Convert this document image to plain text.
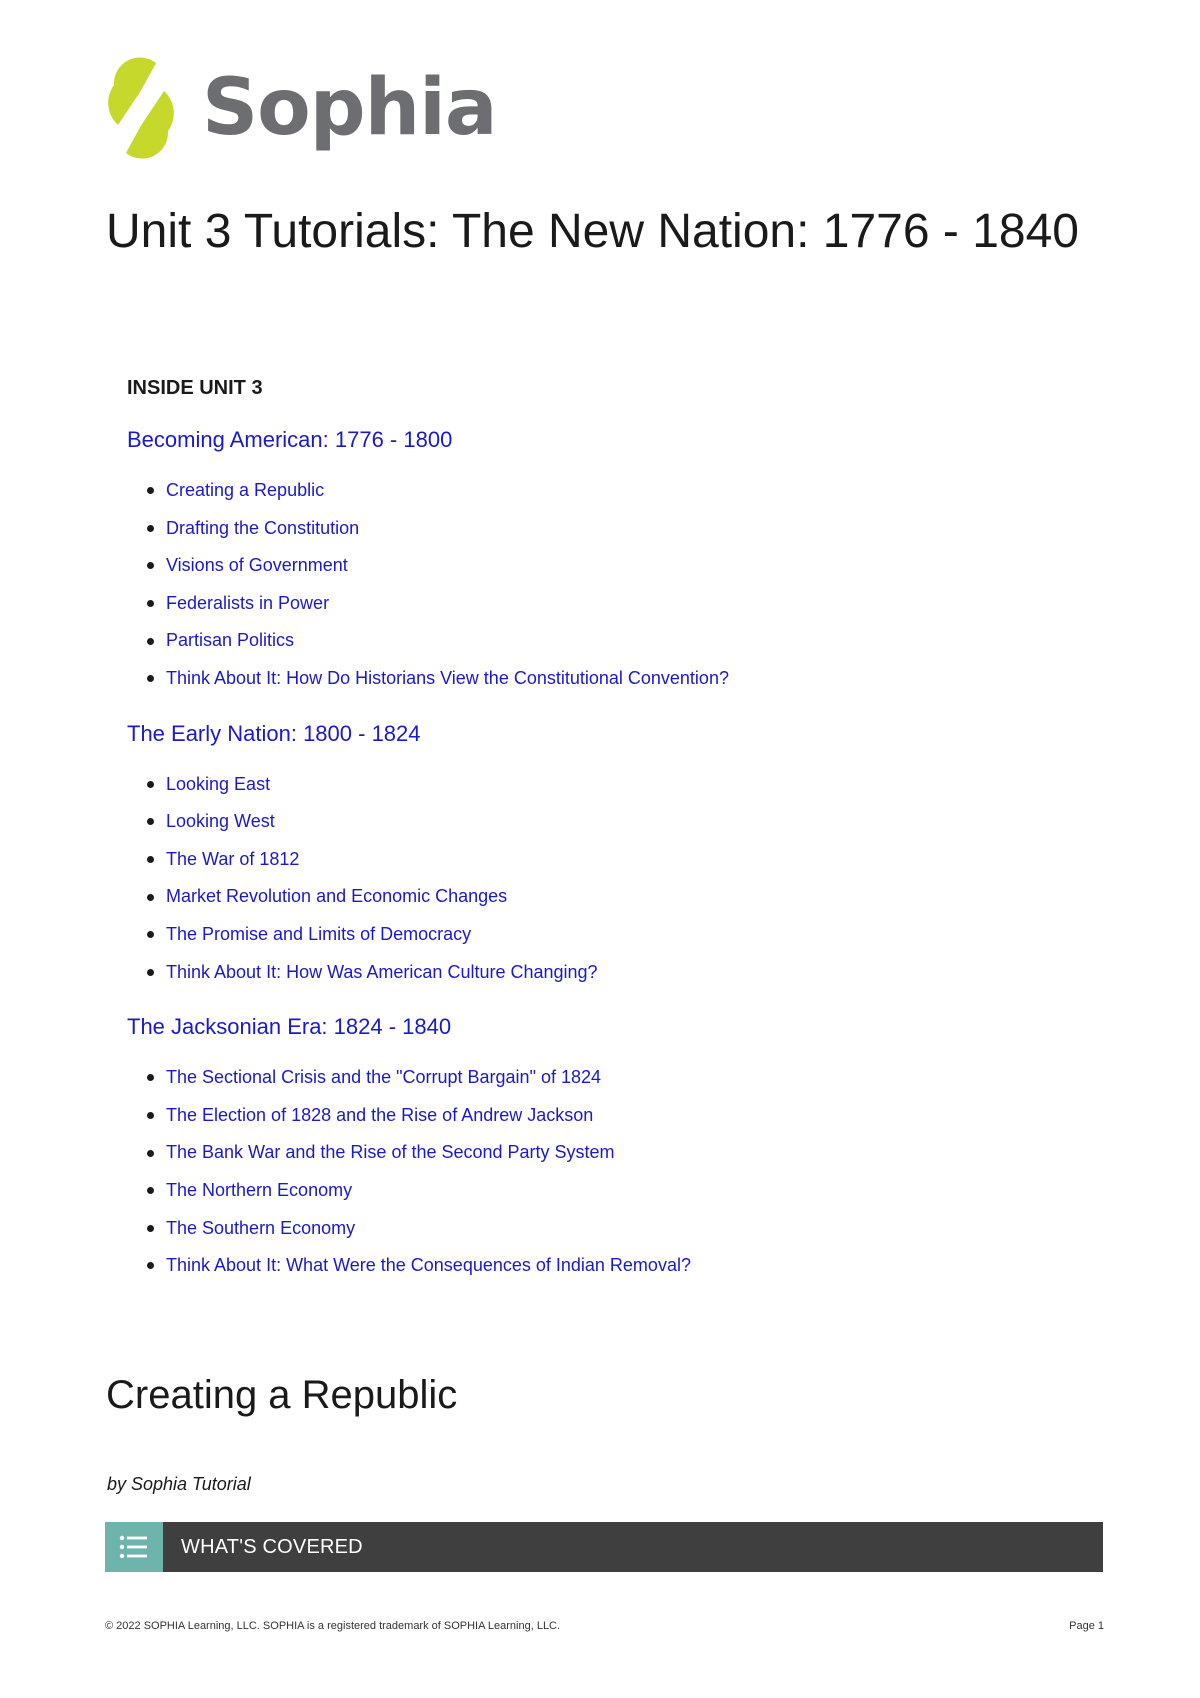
Sophia
Unit 3 Tutorials: The New Nation: 1776 - 1840
INSIDE UNIT 3
Becoming American: 1776 - 1800
Creating a Republic
Drafting the Constitution
Visions of Government
Federalists in Power
Partisan Politics
Think About It: How Do Historians View the Constitutional Convention?
The Early Nation: 1800 - 1824
Looking East
Looking West
The War of 1812
Market Revolution and Economic Changes
The Promise and Limits of Democracy
Think About It: How Was American Culture Changing?
The Jacksonian Era: 1824 - 1840
The Sectional Crisis and the "Corrupt Bargain" of 1824
The Election of 1828 and the Rise of Andrew Jackson
The Bank War and the Rise of the Second Party System
The Northern Economy
The Southern Economy
Think About It: What Were the Consequences of Indian Removal?
Creating a Republic
by Sophia Tutorial
WHAT'S COVERED
© 2022 SOPHIA Learning, LLC. SOPHIA is a registered trademark of SOPHIA Learning, LLC.	Page 1
